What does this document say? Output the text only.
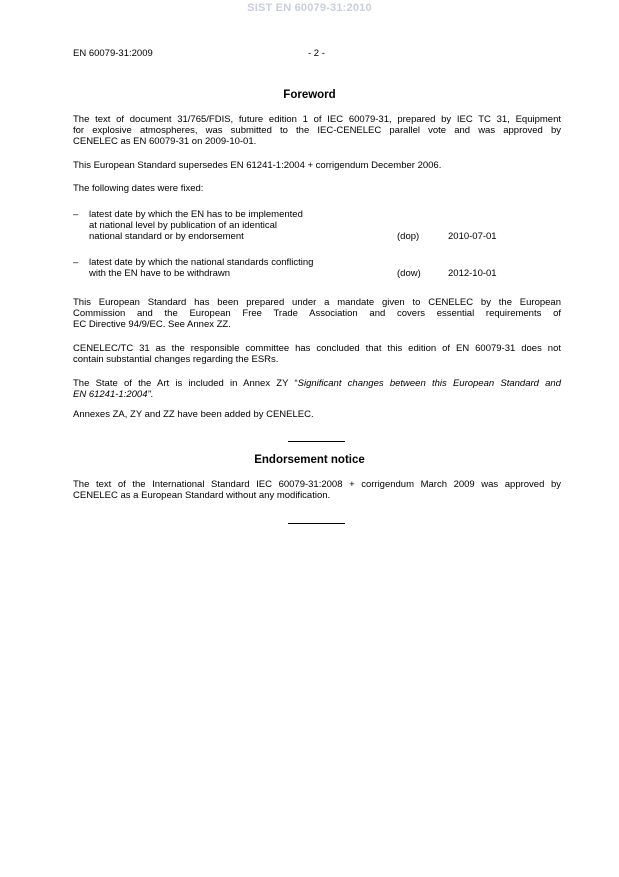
SIST EN 60079-31:2010
EN 60079-31:2009	- 2 -
Foreword
The text of document 31/765/FDIS, future edition 1 of IEC 60079-31, prepared by IEC TC 31, Equipment
for explosive atmospheres, was submitted to the IEC-CENELEC parallel vote and was approved by
CENELEC as EN 60079-31 on 2009-10-01.
This European Standard supersedes EN 61241-1:2004 + corrigendum December 2006.
The following dates were fixed:
– latest date by which the EN has to be implemented
at national level by publication of an identical
national standard or by endorsement	(dop)	2010-07-01
– latest date by which the national standards conflicting
with the EN have to be withdrawn	(dow)	2012-10-01
This European Standard has been prepared under a mandate given to CENELEC by the European
Commission and the European Free Trade Association and covers essential requirements of
EC Directive 94/9/EC. See Annex ZZ.
CENELEC/TC 31 as the responsible committee has concluded that this edition of EN 60079-31 does not
contain substantial changes regarding the ESRs.
The State of the Art is included in Annex ZY “Significant changes between this European Standard and
EN 61241-1:2004".
Annexes ZA, ZY and ZZ have been added by CENELEC.
Endorsement notice
The text of the International Standard IEC 60079-31:2008 + corrigendum March 2009 was approved by
CENELEC as a European Standard without any modification.
